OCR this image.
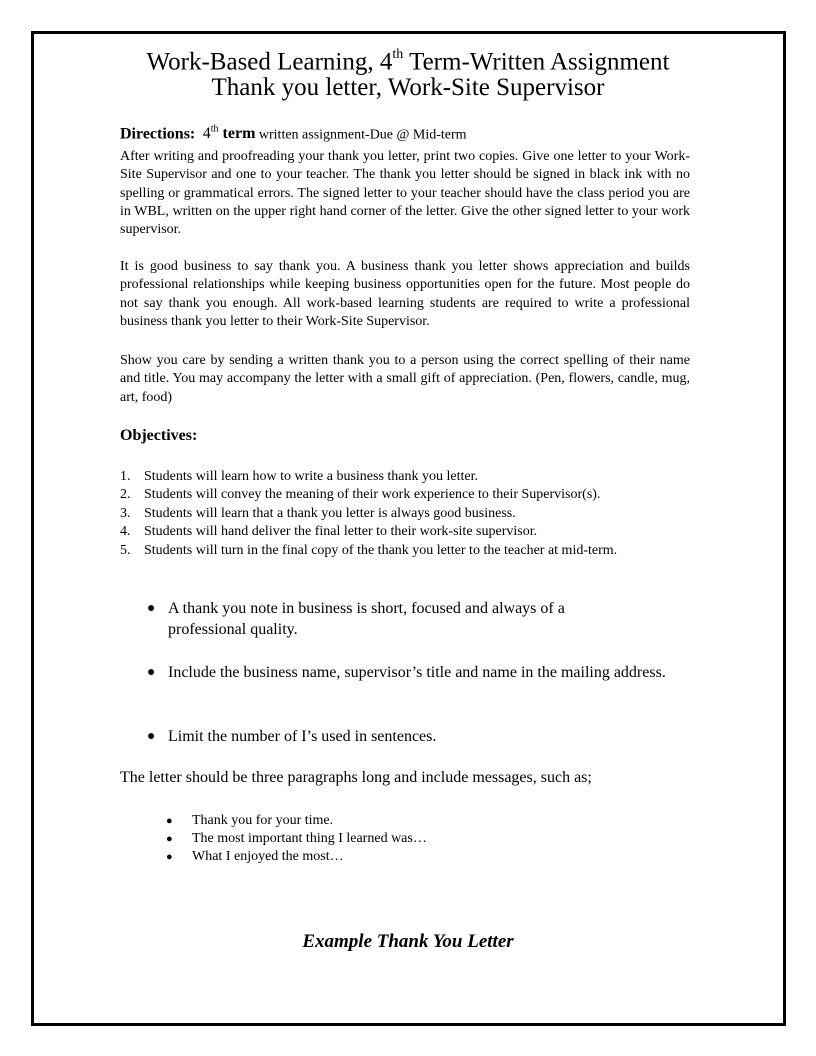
Work-Based Learning, 4th Term-Written Assignment
Thank you letter, Work-Site Supervisor
Directions: 4th term written assignment-Due @ Mid-term
After writing and proofreading your thank you letter, print two copies. Give one letter to your Work-Site Supervisor and one to your teacher. The thank you letter should be signed in black ink with no spelling or grammatical errors. The signed letter to your teacher should have the class period you are in WBL, written on the upper right hand corner of the letter. Give the other signed letter to your work supervisor.
It is good business to say thank you. A business thank you letter shows appreciation and builds professional relationships while keeping business opportunities open for the future. Most people do not say thank you enough. All work-based learning students are required to write a professional business thank you letter to their Work-Site Supervisor.
Show you care by sending a written thank you to a person using the correct spelling of their name and title. You may accompany the letter with a small gift of appreciation. (Pen, flowers, candle, mug, art, food)
Objectives:
1. Students will learn how to write a business thank you letter.
2. Students will convey the meaning of their work experience to their Supervisor(s).
3. Students will learn that a thank you letter is always good business.
4. Students will hand deliver the final letter to their work-site supervisor.
5. Students will turn in the final copy of the thank you letter to the teacher at mid-term.
● A thank you note in business is short, focused and always of a professional quality.
● Include the business name, supervisor’s title and name in the mailing address.
● Limit the number of I’s used in sentences.
The letter should be three paragraphs long and include messages, such as;
●	Thank you for your time.
●	The most important thing I learned was…
●	What I enjoyed the most…
Example Thank You Letter
